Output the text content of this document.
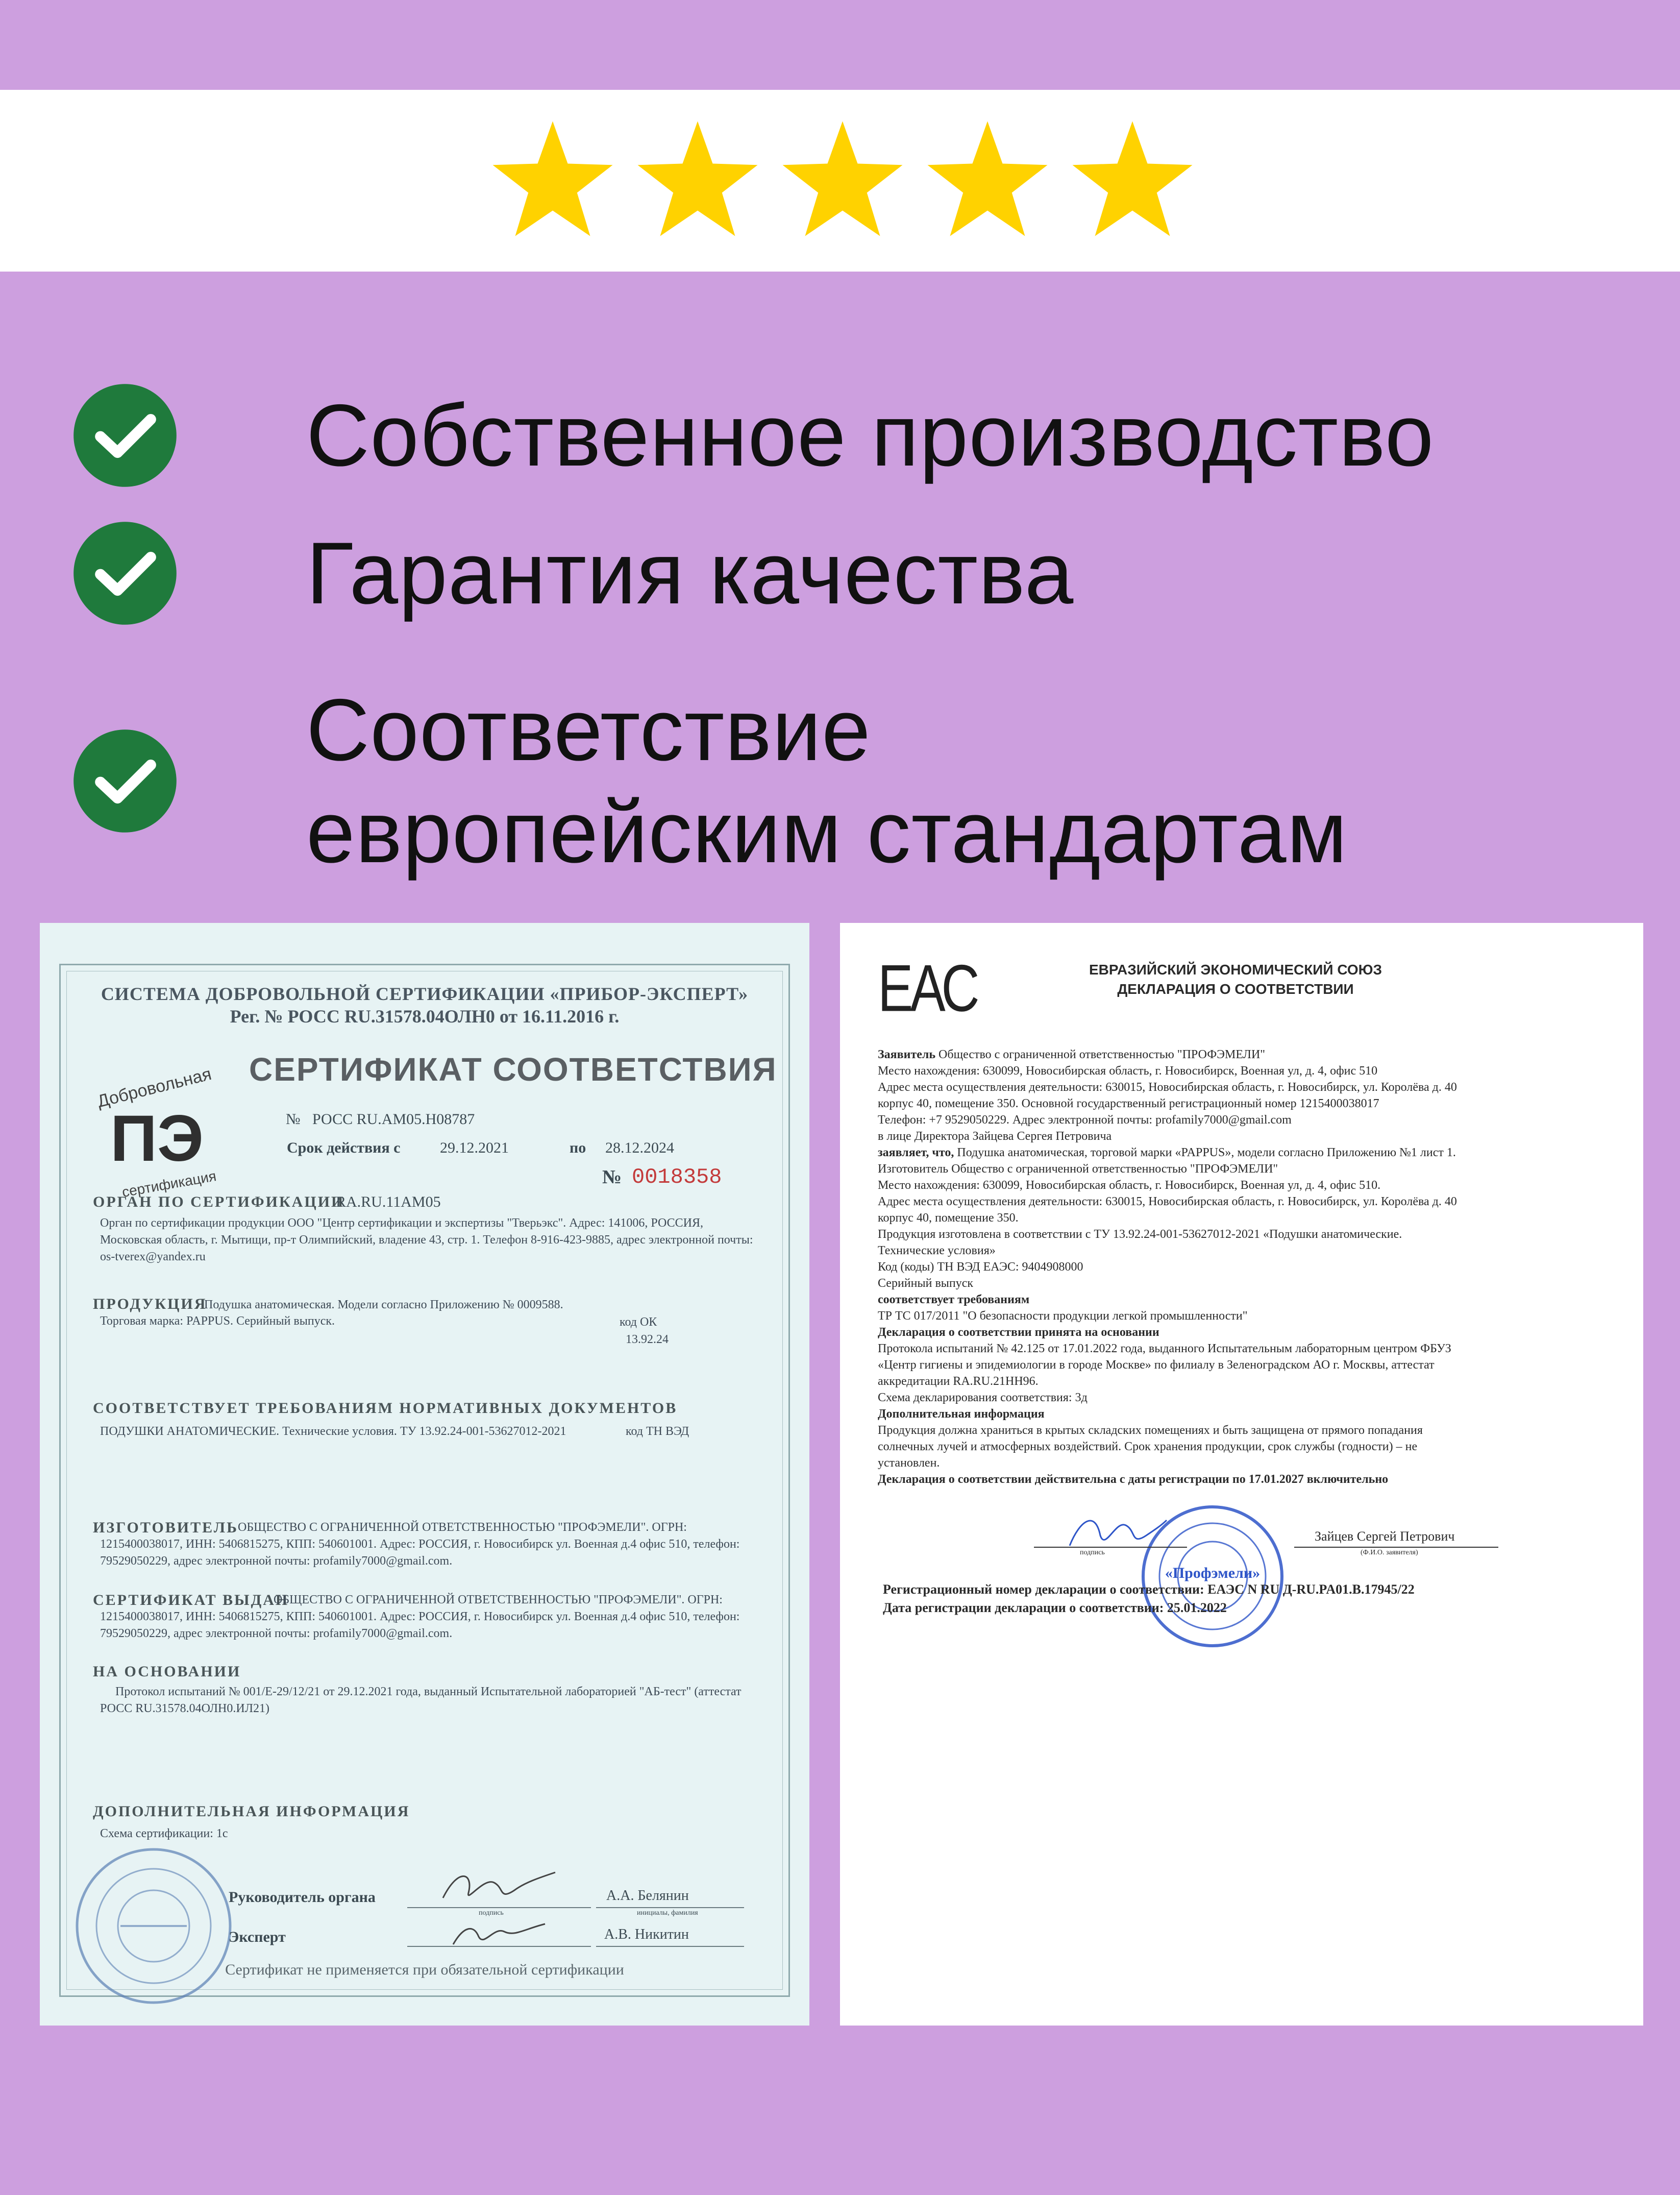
Собственное производство
Гарантия качества
Соответствие
европейским стандартам
СИСТЕМА ДОБРОВОЛЬНОЙ СЕРТИФИКАЦИИ «ПРИБОР-ЭКСПЕРТ»
Рег. № РОСС RU.31578.04ОЛН0 от 16.11.2016 г.
СЕРТИФИКАТ СООТВЕТСТВИЯ
Добровольная
ПЭ
сертификация
№ РОСС RU.AM05.H08787
Срок действия с	29.12.2021	по 28.12.2024
№ 0018358
ОРГАН ПО СЕРТИФИКАЦИИ
RA.RU.11AM05
Орган по сертификации продукции ООО "Центр сертификации и экспертизы "Тверьэкс". Адрес: 141006, РОССИЯ, Московская область, г. Мытищи, пр-т Олимпийский, владение 43, стр. 1. Телефон 8-916-423-9885, адрес электронной почты: os-tverex@yandex.ru
ПРОДУКЦИЯ
Подушка анатомическая. Модели согласно Приложению № 0009588.
Торговая марка: PAPPUS. Серийный выпуск.	код ОК
13.92.24
СООТВЕТСТВУЕТ ТРЕБОВАНИЯМ НОРМАТИВНЫХ ДОКУМЕНТОВ
ПОДУШКИ АНАТОМИЧЕСКИЕ. Технические условия. ТУ 13.92.24-001-53627012-2021	код ТН ВЭД
ИЗГОТОВИТЕЛЬ ОБЩЕСТВО С ОГРАНИЧЕННОЙ ОТВЕТСТВЕННОСТЬЮ "ПРОФЭМЕЛИ". ОГРН: 1215400038017, ИНН: 5406815275, КПП: 540601001. Адрес: РОССИЯ, г. Новосибирск ул. Военная д.4 офис 510, телефон: 79529050229, адрес электронной почты: profamily7000@gmail.com.
СЕРТИФИКАТ ВЫДАН
ОБЩЕСТВО С ОГРАНИЧЕННОЙ ОТВЕТСТВЕННОСТЬЮ "ПРОФЭМЕЛИ". ОГРН: 1215400038017, ИНН: 5406815275, КПП: 540601001. Адрес: РОССИЯ, г. Новосибирск ул. Военная д.4 офис 510, телефон: 79529050229, адрес электронной почты: profamily7000@gmail.com.
НА ОСНОВАНИИ
Протокол испытаний № 001/Е-29/12/21 от 29.12.2021 года, выданный Испытательной лабораторией "АБ-тест" (аттестат РОСС RU.31578.04ОЛН0.ИЛ21)
ДОПОЛНИТЕЛЬНАЯ ИНФОРМАЦИЯ
Схема сертификации: 1с
Руководитель органа	А.А. Белянин
подпись	инициалы, фамилия
Эксперт	А.В. Никитин
Сертификат не применяется при обязательной сертификации
ЕАС	ЕВРАЗИЙСКИЙ ЭКОНОМИЧЕСКИЙ СОЮЗ
ДЕКЛАРАЦИЯ О СООТВЕТСТВИИ
Заявитель Общество с ограниченной ответственностью "ПРОФЭМЕЛИ"
Место нахождения: 630099, Новосибирская область, г. Новосибирск, Военная ул, д. 4, офис 510
Адрес места осуществления деятельности: 630015, Новосибирская область, г. Новосибирск, ул. Королёва д. 40
корпус 40, помещение 350. Основной государственный регистрационный номер 1215400038017
Телефон: +7 9529050229. Адрес электронной почты: profamily7000@gmail.com
в лице Директора Зайцева Сергея Петровича
заявляет, что, Подушка анатомическая, торговой марки «PAPPUS», модели согласно Приложению №1 лист 1.
Изготовитель Общество с ограниченной ответственностью "ПРОФЭМЕЛИ"
Место нахождения: 630099, Новосибирская область, г. Новосибирск, Военная ул, д. 4, офис 510.
Адрес места осуществления деятельности: 630015, Новосибирская область, г. Новосибирск, ул. Королёва д. 40
корпус 40, помещение 350.
Продукция изготовлена в соответствии с ТУ 13.92.24-001-53627012-2021 «Подушки анатомические.
Технические условия»
Код (коды) ТН ВЭД ЕАЭС: 9404908000
Серийный выпуск
соответствует требованиям
ТР ТС 017/2011 "О безопасности продукции легкой промышленности"
Декларация о соответствии принята на основании
Протокола испытаний № 42.125 от 17.01.2022 года, выданного Испытательным лабораторным центром ФБУЗ
«Центр гигиены и эпидемиологии в городе Москве» по филиалу в Зеленоградском АО г. Москвы, аттестат
аккредитации RA.RU.21НН96.
Схема декларирования соответствия: 3д
Дополнительная информация
Продукция должна храниться в крытых складских помещениях и быть защищена от прямого попадания
солнечных лучей и атмосферных воздействий. Срок хранения продукции, срок службы (годности) – не
установлен.
Декларация о соответствии действительна с даты регистрации по 17.01.2027 включительно
«Профэмели»
подпись
Зайцев Сергей Петрович
(Ф.И.О. заявителя)
Регистрационный номер декларации о соответствии: ЕАЭС N RU Д-RU.PA01.B.17945/22
Дата регистрации декларации о соответствии: 25.01.2022
